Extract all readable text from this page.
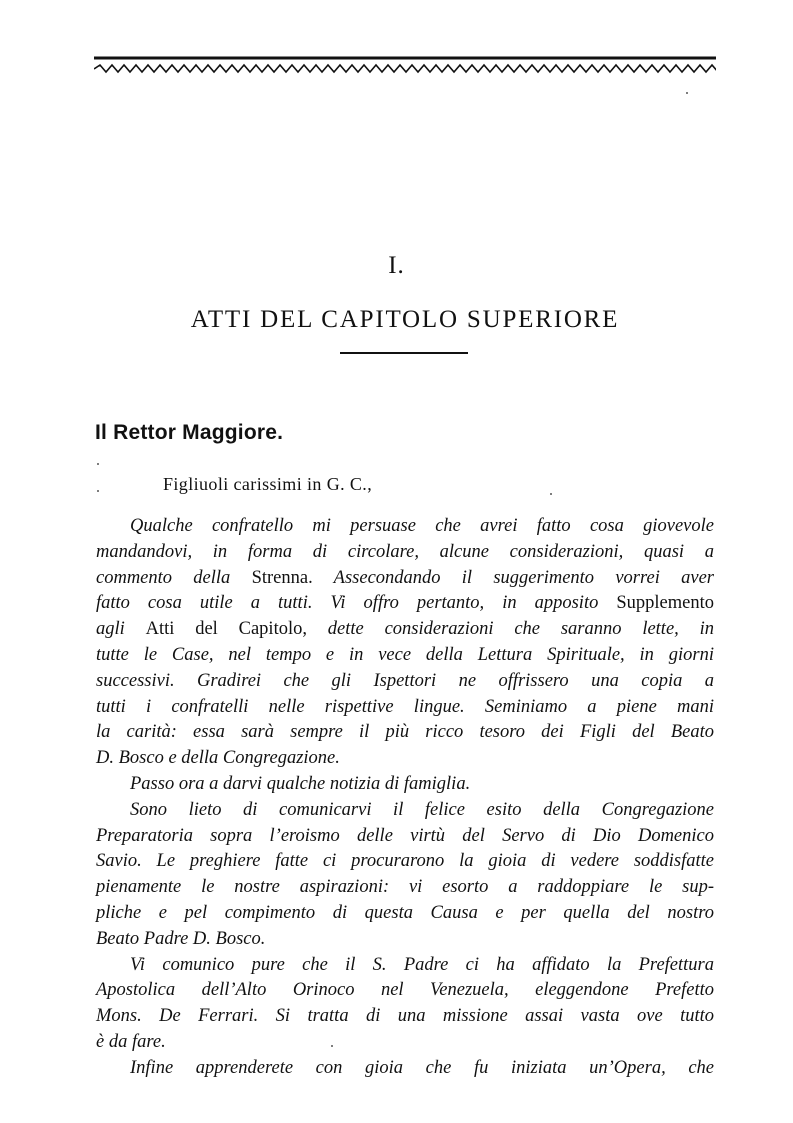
I.
ATTI DEL CAPITOLO SUPERIORE
Il Rettor Maggiore.
Figliuoli carissimi in G. C.,
Qualche confratello mi persuase che avrei fatto cosa giovevole
mandandovi, in forma di circolare, alcune considerazioni, quasi a
commento della Strenna. Assecondando il suggerimento vorrei aver
fatto cosa utile a tutti. Vi offro pertanto, in apposito Supplemento
agli Atti del Capitolo, dette considerazioni che saranno lette, in
tutte le Case, nel tempo e in vece della Lettura Spirituale, in giorni
successivi. Gradirei che gli Ispettori ne offrissero una copia a
tutti i confratelli nelle rispettive lingue. Seminiamo a piene mani
la carità: essa sarà sempre il più ricco tesoro dei Figli del Beato
D. Bosco e della Congregazione.
Passo ora a darvi qualche notizia di famiglia.
Sono lieto di comunicarvi il felice esito della Congregazione
Preparatoria sopra l’eroismo delle virtù del Servo di Dio Domenico
Savio. Le preghiere fatte ci procurarono la gioia di vedere soddisfatte
pienamente le nostre aspirazioni: vi esorto a raddoppiare le sup-
pliche e pel compimento di questa Causa e per quella del nostro
Beato Padre D. Bosco.
Vi comunico pure che il S. Padre ci ha affidato la Prefettura
Apostolica dell’Alto Orinoco nel Venezuela, eleggendone Prefetto
Mons. De Ferrari. Si tratta di una missione assai vasta ove tutto
è da fare.
Infine apprenderete con gioia che fu iniziata un’Opera, che
